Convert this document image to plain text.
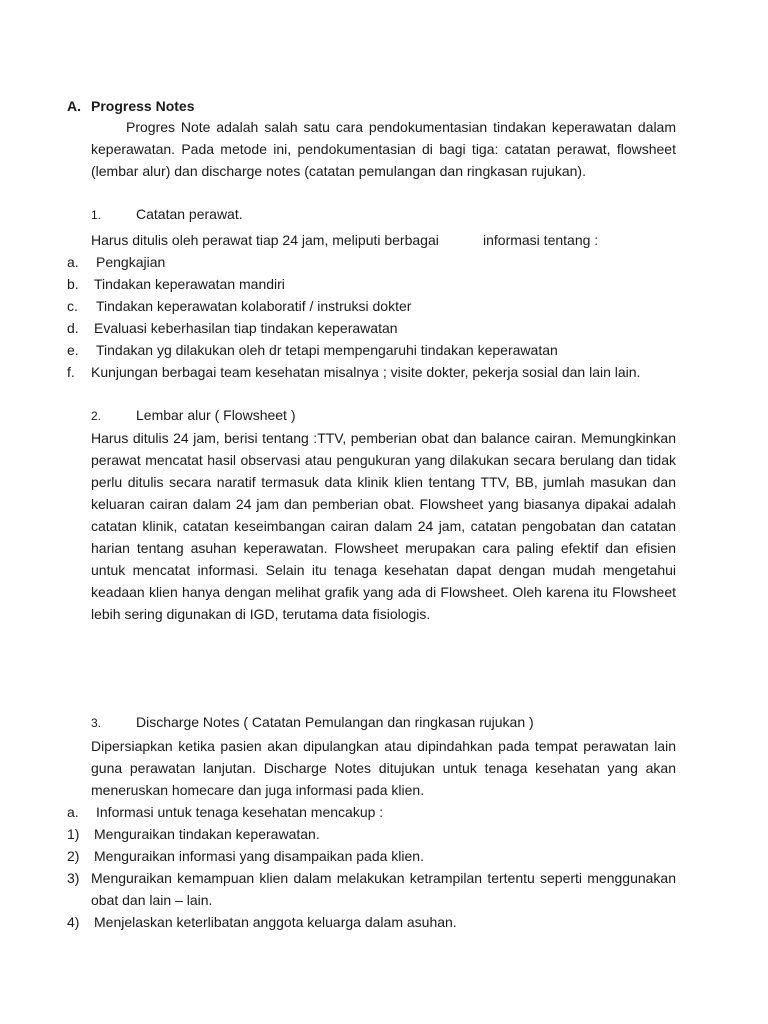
A. Progress Notes
Progres Note adalah salah satu cara pendokumentasian tindakan keperawatan dalam keperawatan. Pada metode ini, pendokumentasian di bagi tiga: catatan perawat, flowsheet (lembar alur) dan discharge notes (catatan pemulangan dan ringkasan rujukan).
1. Catatan perawat.
Harus ditulis oleh perawat tiap 24 jam, meliputi berbagai	informasi tentang :
a. Pengkajian
b. Tindakan keperawatan mandiri
c. Tindakan keperawatan kolaboratif / instruksi dokter
d. Evaluasi keberhasilan tiap tindakan keperawatan
e. Tindakan yg dilakukan oleh dr tetapi mempengaruhi tindakan keperawatan
f. Kunjungan berbagai team kesehatan misalnya ; visite dokter, pekerja sosial dan lain lain.
2. Lembar alur ( Flowsheet )
Harus ditulis 24 jam, berisi tentang :TTV, pemberian obat dan balance cairan. Memungkinkan perawat mencatat hasil observasi atau pengukuran yang dilakukan secara berulang dan tidak perlu ditulis secara naratif termasuk data klinik klien tentang TTV, BB, jumlah masukan dan keluaran cairan dalam 24 jam dan pemberian obat. Flowsheet yang biasanya dipakai adalah catatan klinik, catatan keseimbangan cairan dalam 24 jam, catatan pengobatan dan catatan harian tentang asuhan keperawatan. Flowsheet merupakan cara paling efektif dan efisien untuk mencatat informasi. Selain itu tenaga kesehatan dapat dengan mudah mengetahui keadaan klien hanya dengan melihat grafik yang ada di Flowsheet. Oleh karena itu Flowsheet lebih sering digunakan di IGD, terutama data fisiologis.
3. Discharge Notes ( Catatan Pemulangan dan ringkasan rujukan )
Dipersiapkan ketika pasien akan dipulangkan atau dipindahkan pada tempat perawatan lain guna perawatan lanjutan. Discharge Notes ditujukan untuk tenaga kesehatan yang akan meneruskan homecare dan juga informasi pada klien.
a. Informasi untuk tenaga kesehatan mencakup :
1) Menguraikan tindakan keperawatan.
2) Menguraikan informasi yang disampaikan pada klien.
3) Menguraikan kemampuan klien dalam melakukan ketrampilan tertentu seperti menggunakan obat dan lain – lain.
4) Menjelaskan keterlibatan anggota keluarga dalam asuhan.
